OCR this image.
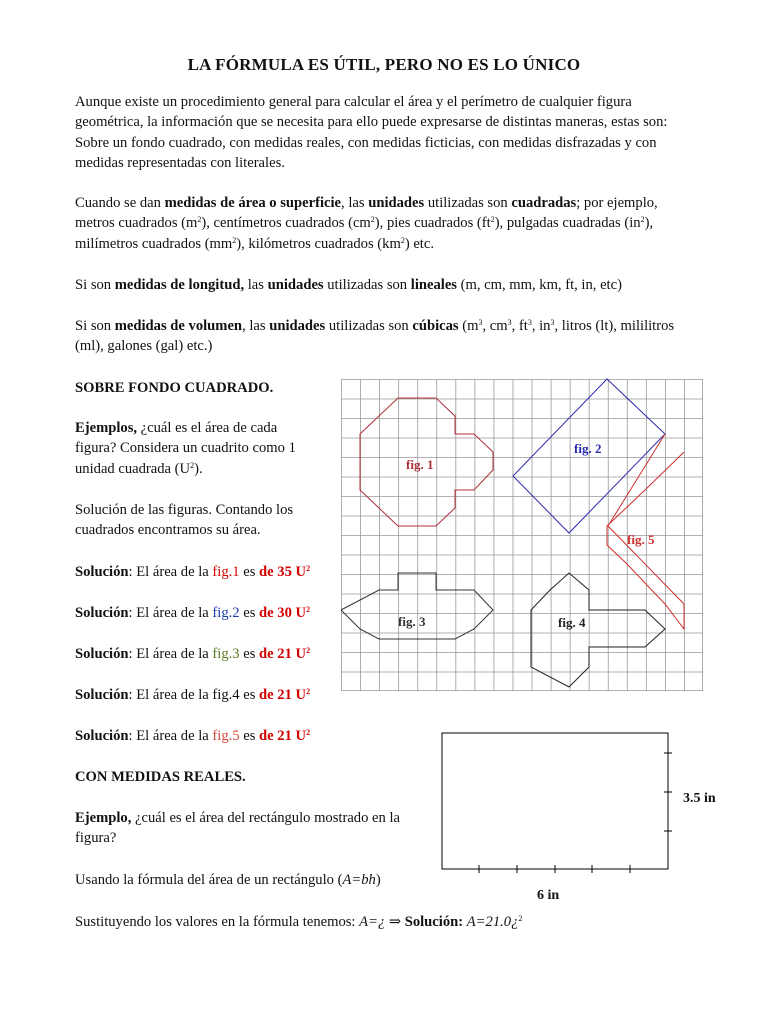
LA FÓRMULA ES ÚTIL, PERO NO ES LO ÚNICO

Aunque existe un procedimiento general para calcular el área y el perímetro de cualquier figura geométrica, la información que se necesita para ello puede expresarse de distintas maneras, estas son: Sobre un fondo cuadrado, con medidas reales, con medidas ficticias, con medidas disfrazadas y con medidas representadas con literales.

Cuando se dan medidas de área o superficie, las unidades utilizadas son cuadradas; por ejemplo, metros cuadrados $(m^2)$, centímetros cuadrados $(cm^2)$, pies cuadrados $(ft^2)$, pulgadas cuadradas $(in^2)$, milímetros cuadrados $(mm^2)$, kilómetros cuadrados $(km^2)$ etc.

Si son medidas de longitud, las unidades utilizadas son lineales (m, cm, mm, km, ft, in, etc)

Si son medidas de volumen, las unidades utilizadas son cúbicas ($m^3$, $cm^3$, $ft^3$, $in^3$, litros (lt), mililitros (ml), galones (gal) etc.)

SOBRE FONDO CUADRADO.

Ejemplos, ¿cuál es el área de cada figura? Considera un cuadrito como 1 unidad cuadrada $(U^2)$.

Solución de las figuras. Contando los cuadrados encontramos su área.

Solución: El área de la fig.1 es de 35 $U^2$

Solución: El área de la fig.2 es de 30 $U^2$

Solución: El área de la fig.3 es de 21 $U^2$

Solución: El área de la fig.4 es de 21 $U^2$

Solución: El área de la fig.5 es de 21 $U^2$

fig. 1
fig. 2
fig. 3	fig. 4
fig. 5

CON MEDIDAS REALES.

Ejemplo, ¿cuál es el área del rectángulo mostrado en la figura?

Usando la fórmula del área de un rectángulo (A=bh)

Sustituyendo los valores en la fórmula tenemos: A=¿ ⇒ Solución: A=21.0¿$^2$

6 in
3.5 in
